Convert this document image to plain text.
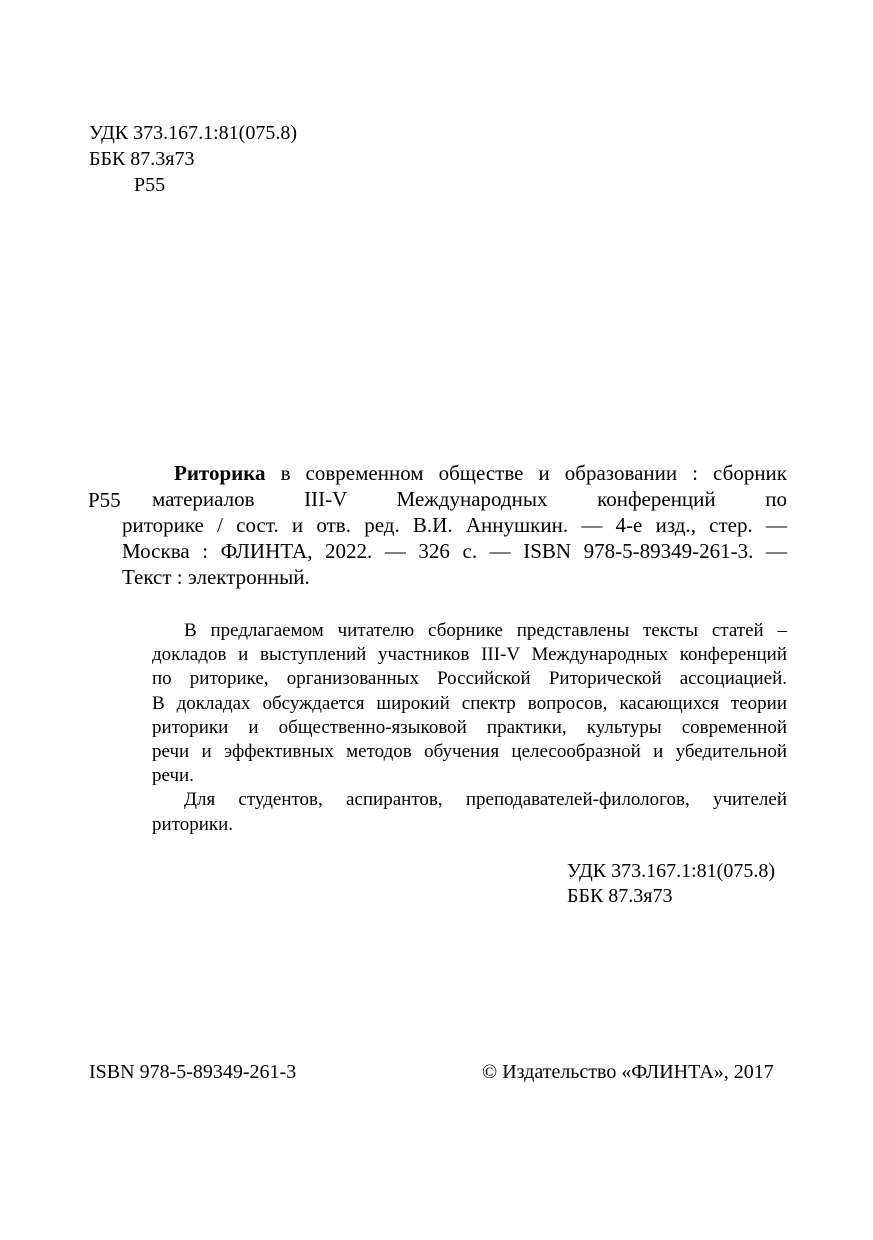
УДК 373.167.1:81(075.8)
ББК 87.3я73
Р55
Р55
Риторика в современном обществе и образовании : сборник
материалов III-V Международных конференций по
риторике / сост. и отв. ред. В.И. Аннушкин. — 4-е изд., стер. —
Москва : ФЛИНТА, 2022. — 326 с. — ISBN 978-5-89349-261-3. —
Текст : электронный.
В предлагаемом читателю сборнике представлены тексты статей –
докладов и выступлений участников III-V Международных конференций
по риторике, организованных Российской Риторической ассоциацией.
В докладах обсуждается широкий спектр вопросов, касающихся теории
риторики и общественно-языковой практики, культуры современной
речи и эффективных методов обучения целесообразной и убедительной
речи.
Для студентов, аспирантов, преподавателей-филологов, учителей
риторики.
УДК 373.167.1:81(075.8)
ББК 87.3я73
ISBN 978-5-89349-261-3	© Издательство «ФЛИНТА», 2017
